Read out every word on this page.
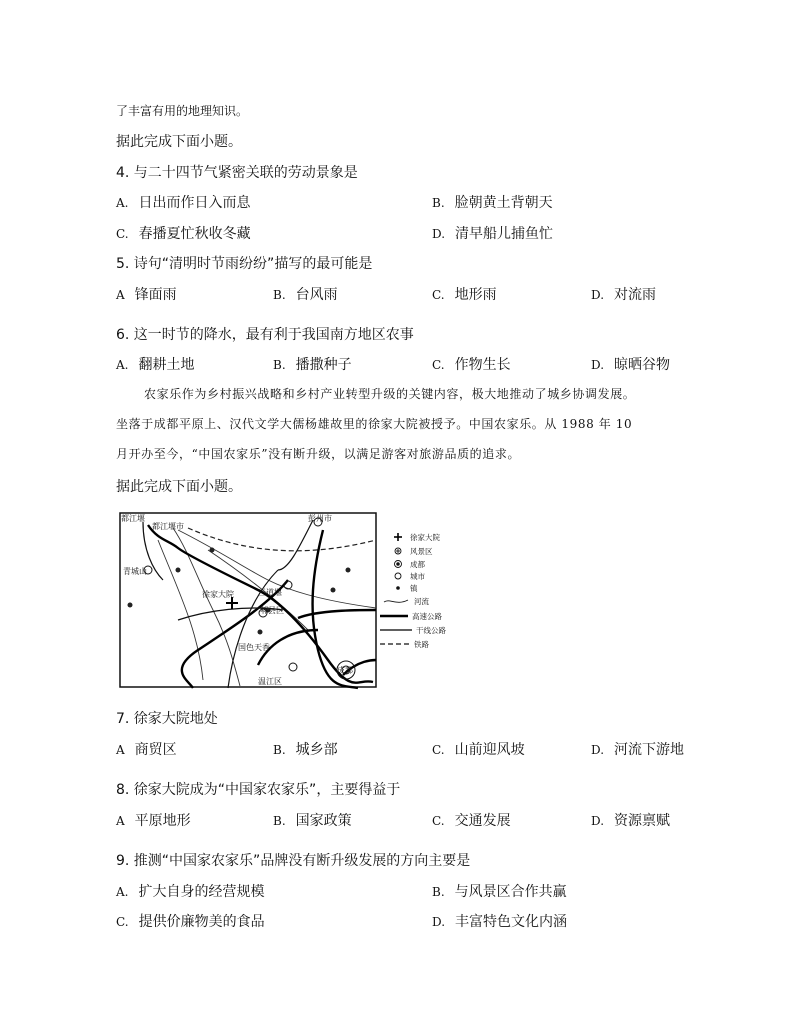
了丰富有用的地理知识。
据此完成下面小题。
4. 与二十四节气紧密关联的劳动景象是
A. 日出而作日入而息	B. 脸朝黄土背朝天
C. 春播夏忙秋收冬藏	D. 清早船儿捕鱼忙
5. 诗句“清明时节雨纷纷”描写的最可能是
A 锋面雨	B. 台风雨	C. 地形雨	D. 对流雨
6. 这一时节的降水，最有利于我国南方地区农事
A. 翻耕土地	B. 播撒种子	C. 作物生长	D. 晾晒谷物
农家乐作为乡村振兴战略和乡村产业转型升级的关键内容，极大地推动了城乡协调发展。
坐落于成都平原上、汉代文学大儒杨雄故里的徐家大院被授予。中国农家乐。从 1988 年 10
月开办至今，“中国农家乐”没有断升级，以满足游客对旅游品质的追求。
据此完成下面小题。
都江堰
都江堰市
彭州市
青城山
徐家大院	三道堰
郫县区
国色天香
温江区
成都
徐家大院
风景区
成都
城市
镇
河流
高速公路
干线公路
铁路
7. 徐家大院地处
A 商贸区	B. 城乡部	C. 山前迎风坡	D. 河流下游地
8. 徐家大院成为“中国家农家乐”，主要得益于
A 平原地形	B. 国家政策	C. 交通发展	D. 资源禀赋
9. 推测“中国家农家乐”品牌没有断升级发展的方向主要是
A. 扩大自身的经营规模	B. 与风景区合作共赢
C. 提供价廉物美的食品	D. 丰富特色文化内涵
